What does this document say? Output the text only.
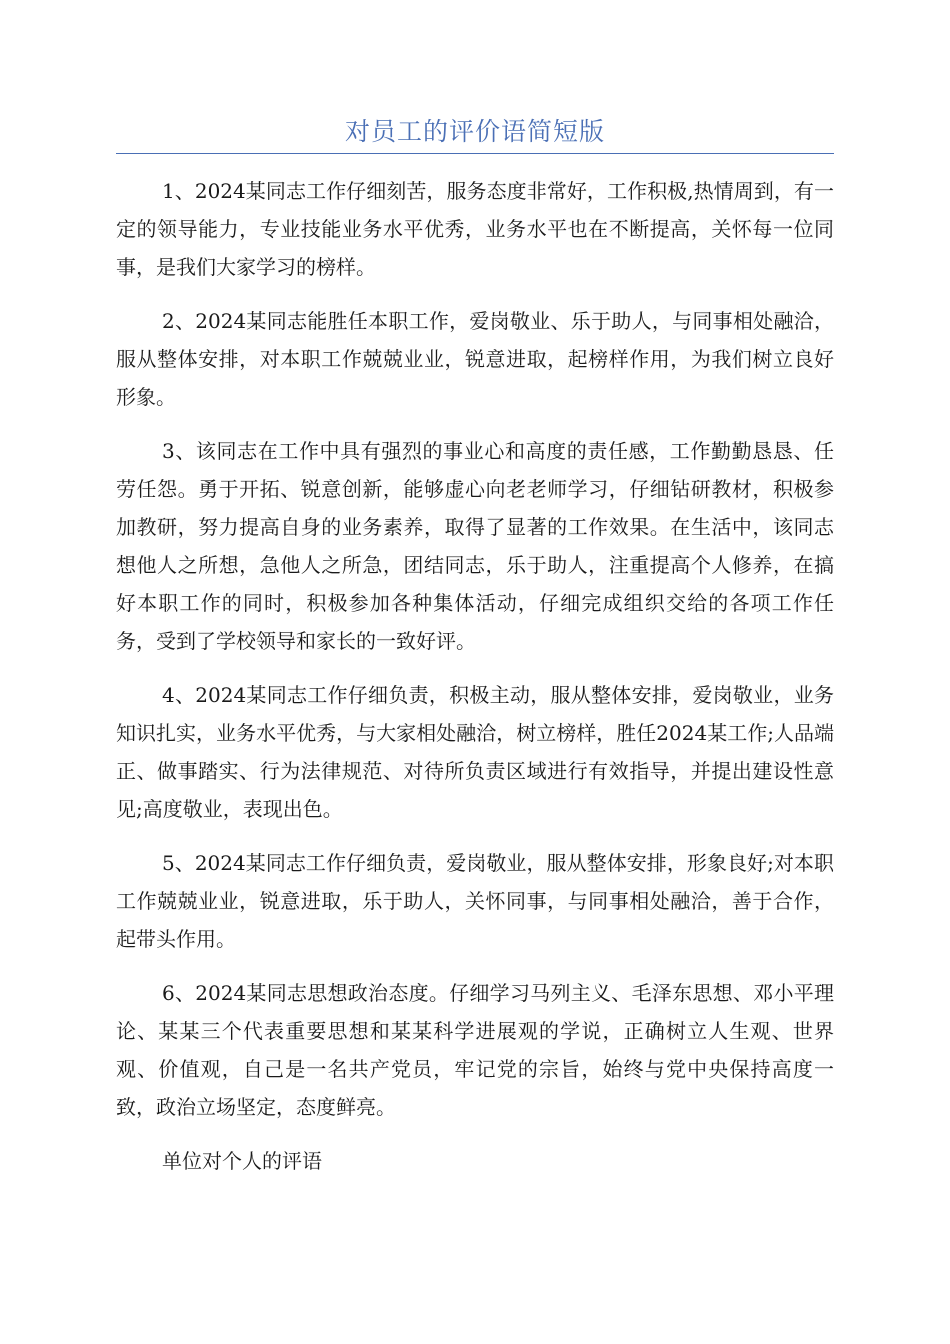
对员工的评价语简短版

1、2024某同志工作仔细刻苦，服务态度非常好，工作积极,热情周到，有一定的领导能力，专业技能业务水平优秀，业务水平也在不断提高，关怀每一位同事，是我们大家学习的榜样。

2、2024某同志能胜任本职工作，爱岗敬业、乐于助人，与同事相处融洽，服从整体安排，对本职工作兢兢业业，锐意进取，起榜样作用，为我们树立良好形象。

3、该同志在工作中具有强烈的事业心和高度的责任感，工作勤勤恳恳、任劳任怨。勇于开拓、锐意创新，能够虚心向老老师学习，仔细钻研教材，积极参加教研，努力提高自身的业务素养，取得了显著的工作效果。在生活中，该同志想他人之所想，急他人之所急，团结同志，乐于助人，注重提高个人修养，在搞好本职工作的同时，积极参加各种集体活动，仔细完成组织交给的各项工作任务，受到了学校领导和家长的一致好评。

4、2024某同志工作仔细负责，积极主动，服从整体安排，爱岗敬业，业务知识扎实，业务水平优秀，与大家相处融洽，树立榜样，胜任2024某工作;人品端正、做事踏实、行为法律规范、对待所负责区域进行有效指导，并提出建设性意见;高度敬业，表现出色。

5、2024某同志工作仔细负责，爱岗敬业，服从整体安排，形象良好;对本职工作兢兢业业，锐意进取，乐于助人，关怀同事，与同事相处融洽，善于合作，起带头作用。

6、2024某同志思想政治态度。仔细学习马列主义、毛泽东思想、邓小平理论、某某三个代表重要思想和某某科学进展观的学说，正确树立人生观、世界观、价值观，自己是一名共产党员，牢记党的宗旨，始终与党中央保持高度一致，政治立场坚定，态度鲜亮。

单位对个人的评语
